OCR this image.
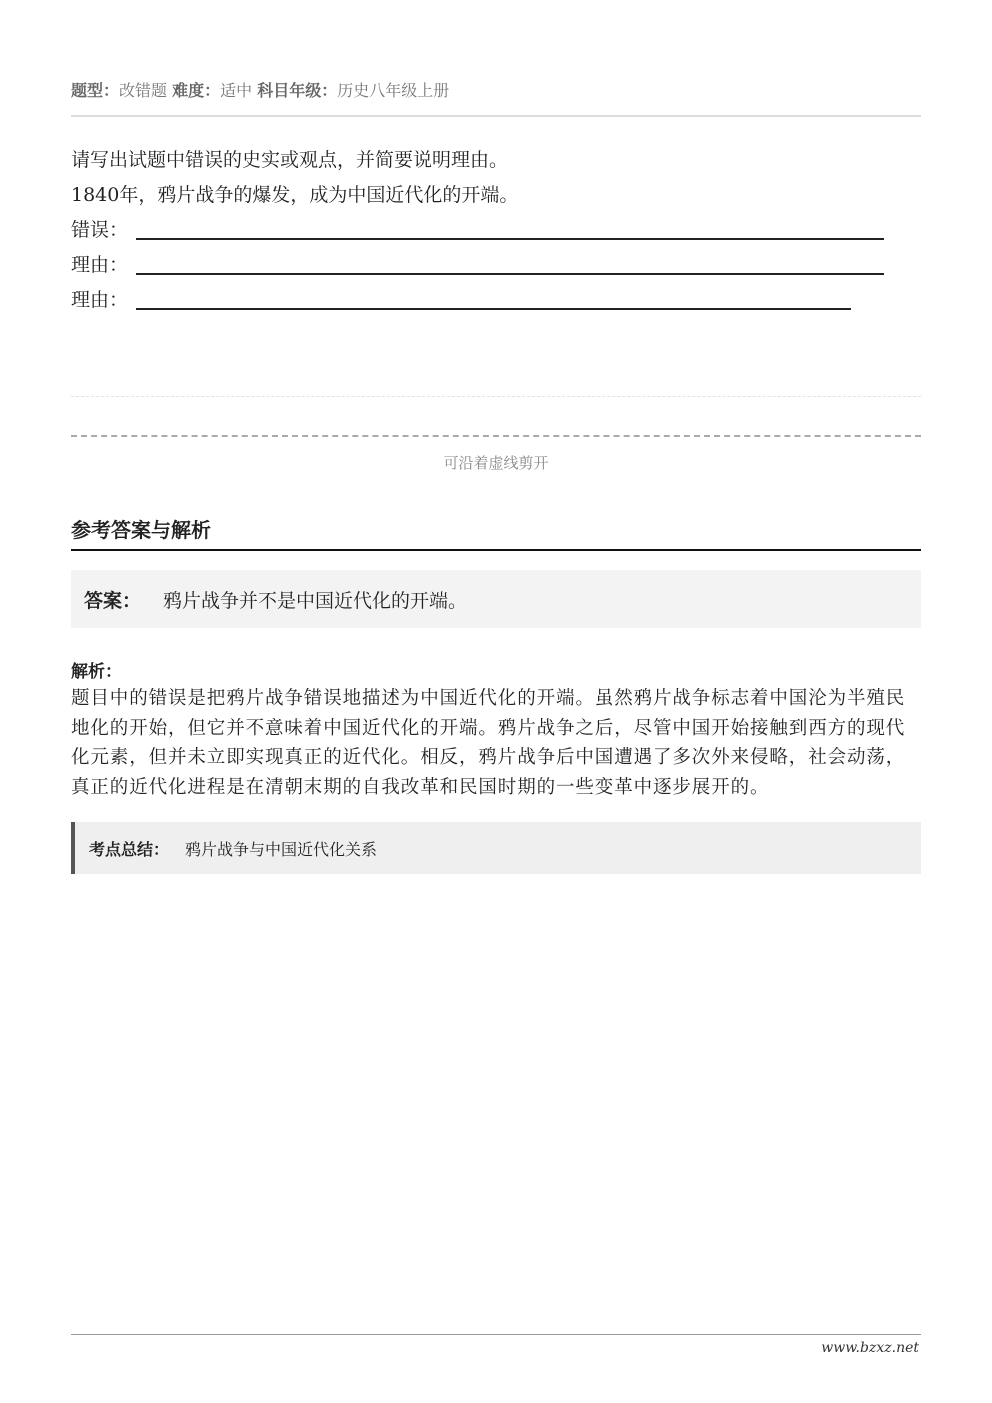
题型：改错题 难度：适中 科目年级：历史八年级上册
请写出试题中错误的史实或观点，并简要说明理由。
1840年，鸦片战争的爆发，成为中国近代化的开端。
错误：
理由：
理由：
可沿着虚线剪开
参考答案与解析
答案： 鸦片战争并不是中国近代化的开端。
解析：
题目中的错误是把鸦片战争错误地描述为中国近代化的开端。虽然鸦片战争标志着中国沦为半殖民地化的开始，但它并不意味着中国近代化的开端。鸦片战争之后，尽管中国开始接触到西方的现代化元素，但并未立即实现真正的近代化。相反，鸦片战争后中国遭遇了多次外来侵略，社会动荡，真正的近代化进程是在清朝末期的自我改革和民国时期的一些变革中逐步展开的。
考点总结： 鸦片战争与中国近代化关系
www.bzxz.net
